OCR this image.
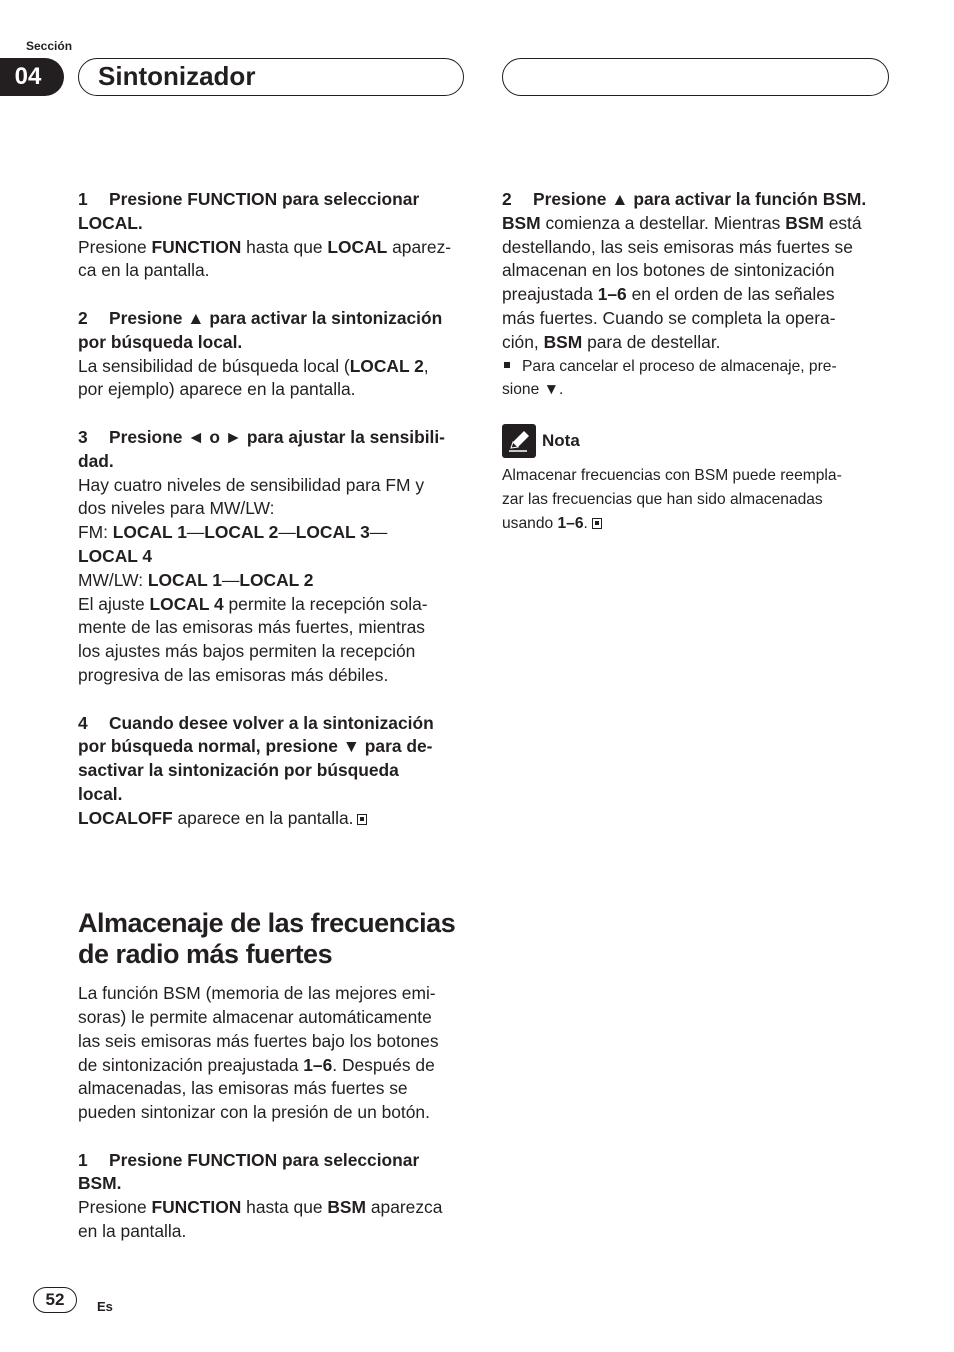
Sección
04	Sintonizador

1 Presione FUNCTION para seleccionar

LOCAL.

Presione FUNCTION hasta que LOCAL aparez-

ca en la pantalla.

2 Presione ▲ para activar la sintonización

por búsqueda local.

La sensibilidad de búsqueda local (LOCAL 2,

por ejemplo) aparece en la pantalla.

3 Presione ◄ o ► para ajustar la sensibili-

dad.

Hay cuatro niveles de sensibilidad para FM y

dos niveles para MW/LW:

FM: LOCAL 1—LOCAL 2—LOCAL 3—

LOCAL 4

MW/LW: LOCAL 1—LOCAL 2

El ajuste LOCAL 4 permite la recepción sola-

mente de las emisoras más fuertes, mientras

los ajustes más bajos permiten la recepción

progresiva de las emisoras más débiles.

4 Cuando desee volver a la sintonización

por búsqueda normal, presione ▼ para de-

sactivar la sintonización por búsqueda

local.

LOCALOFF aparece en la pantalla.

Almacenaje de las frecuencias

de radio más fuertes

La función BSM (memoria de las mejores emi-

soras) le permite almacenar automáticamente

las seis emisoras más fuertes bajo los botones

de sintonización preajustada 1–6. Después de

almacenadas, las emisoras más fuertes se

pueden sintonizar con la presión de un botón.

1 Presione FUNCTION para seleccionar

BSM.

Presione FUNCTION hasta que BSM aparezca

en la pantalla.

2 Presione ▲ para activar la función BSM.

BSM comienza a destellar. Mientras BSM está

destellando, las seis emisoras más fuertes se

almacenan en los botones de sintonización

preajustada 1–6 en el orden de las señales

más fuertes. Cuando se completa la opera-

ción, BSM para de destellar.

Para cancelar el proceso de almacenaje, pre-

sione ▼.

Nota

Almacenar frecuencias con BSM puede reempla-

zar las frecuencias que han sido almacenadas

usando 1–6.

52	Es
